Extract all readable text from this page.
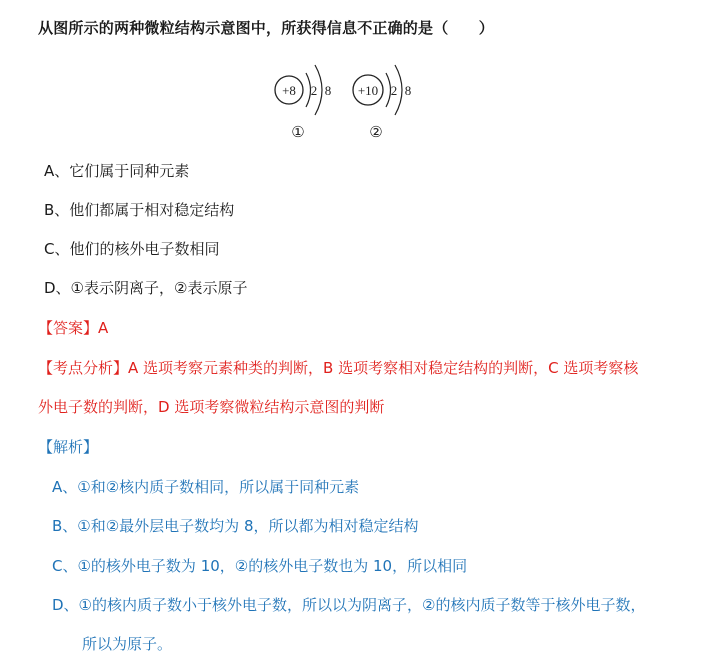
从图所示的两种微粒结构示意图中，所获得信息不正确的是（　　）
+8 2 8
①
+10 2 8
②
A、它们属于同种元素
B、他们都属于相对稳定结构
C、他们的核外电子数相同
D、①表示阴离子，②表示原子
【答案】A
【考点分析】A 选项考察元素种类的判断，B 选项考察相对稳定结构的判断，C 选项考察核
外电子数的判断，D 选项考察微粒结构示意图的判断
【解析】
A、①和②核内质子数相同，所以属于同种元素
B、①和②最外层电子数均为 8，所以都为相对稳定结构
C、①的核外电子数为 10，②的核外电子数也为 10，所以相同
D、①的核内质子数小于核外电子数，所以以为阴离子，②的核内质子数等于核外电子数，
所以为原子。
